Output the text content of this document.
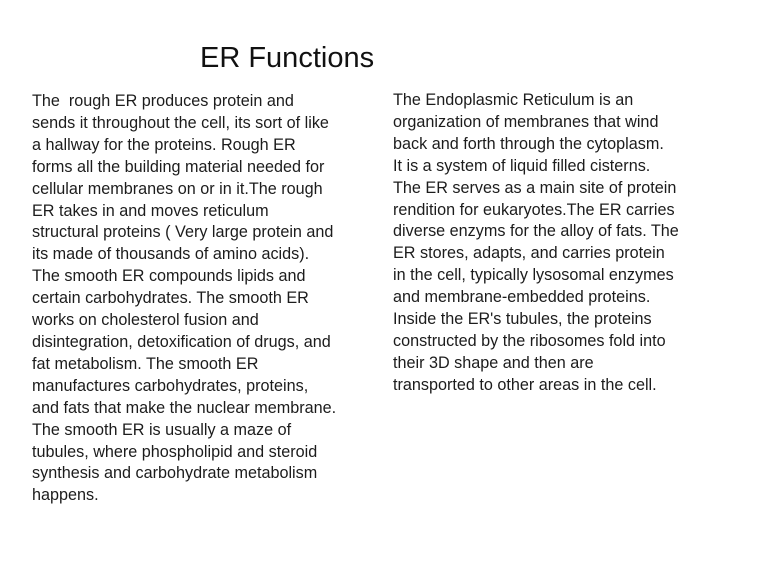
ER Functions
The  rough ER produces protein and
sends it throughout the cell, its sort of like
a hallway for the proteins. Rough ER
forms all the building material needed for
cellular membranes on or in it.The rough
ER takes in and moves reticulum
structural proteins ( Very large protein and
its made of thousands of amino acids).
The smooth ER compounds lipids and
certain carbohydrates. The smooth ER
works on cholesterol fusion and
disintegration, detoxification of drugs, and
fat metabolism. The smooth ER
manufactures carbohydrates, proteins,
and fats that make the nuclear membrane.
The smooth ER is usually a maze of
tubules, where phospholipid and steroid
synthesis and carbohydrate metabolism
happens.
The Endoplasmic Reticulum is an
organization of membranes that wind
back and forth through the cytoplasm.
It is a system of liquid filled cisterns.
The ER serves as a main site of protein
rendition for eukaryotes.The ER carries
diverse enzyms for the alloy of fats. The
ER stores, adapts, and carries protein
in the cell, typically lysosomal enzymes
and membrane-embedded proteins.
Inside the ER's tubules, the proteins
constructed by the ribosomes fold into
their 3D shape and then are
transported to other areas in the cell.
